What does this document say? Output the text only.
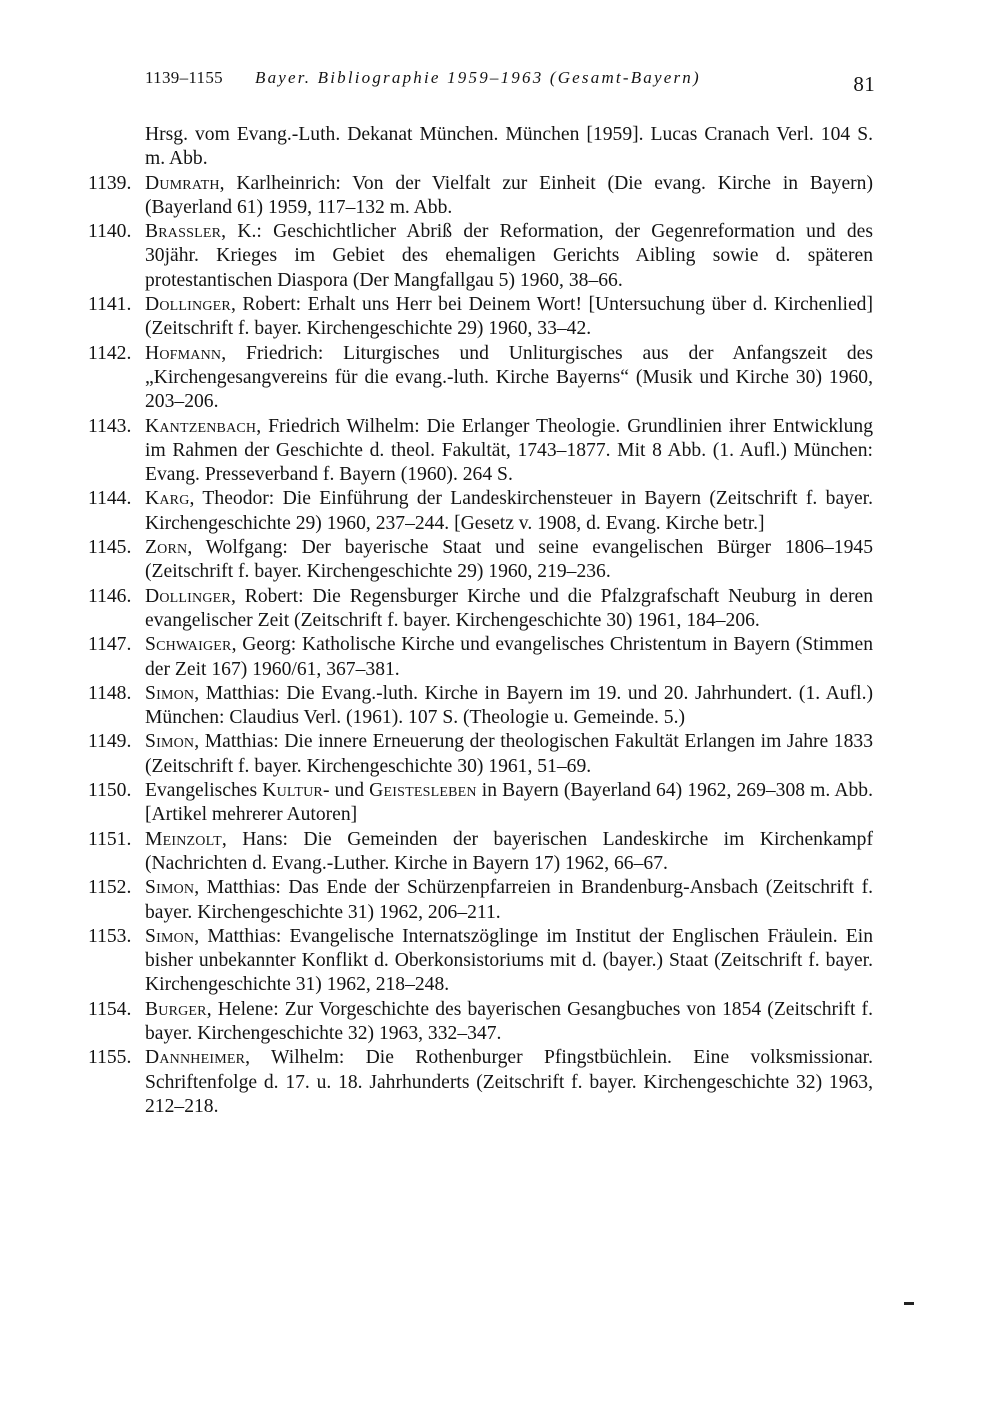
1139–1155 Bayer. Bibliographie 1959–1963 (Gesamt-Bayern)	81
Hrsg. vom Evang.-Luth. Dekanat München. München [1959]. Lucas Cranach Verl. 104 S. m. Abb.
1139. Dumrath, Karlheinrich: Von der Vielfalt zur Einheit (Die evang. Kirche in Bayern) (Bayerland 61) 1959, 117–132 m. Abb.
1140. Brassler, K.: Geschichtlicher Abriß der Reformation, der Gegenreformation und des 30jähr. Krieges im Gebiet des ehemaligen Gerichts Aibling sowie d. späteren protestantischen Diaspora (Der Mangfallgau 5) 1960, 38–66.
1141. Dollinger, Robert: Erhalt uns Herr bei Deinem Wort! [Untersuchung über d. Kirchenlied] (Zeitschrift f. bayer. Kirchengeschichte 29) 1960, 33–42.
1142. Hofmann, Friedrich: Liturgisches und Unliturgisches aus der Anfangszeit des „Kirchengesangvereins für die evang.-luth. Kirche Bayerns“ (Musik und Kirche 30) 1960, 203–206.
1143. Kantzenbach, Friedrich Wilhelm: Die Erlanger Theologie. Grundlinien ihrer Entwicklung im Rahmen der Geschichte d. theol. Fakultät, 1743–1877. Mit 8 Abb. (1. Aufl.) München: Evang. Presseverband f. Bayern (1960). 264 S.
1144. Karg, Theodor: Die Einführung der Landeskirchensteuer in Bayern (Zeitschrift f. bayer. Kirchengeschichte 29) 1960, 237–244. [Gesetz v. 1908, d. Evang. Kirche betr.]
1145. Zorn, Wolfgang: Der bayerische Staat und seine evangelischen Bürger 1806–1945 (Zeitschrift f. bayer. Kirchengeschichte 29) 1960, 219–236.
1146. Dollinger, Robert: Die Regensburger Kirche und die Pfalzgrafschaft Neuburg in deren evangelischer Zeit (Zeitschrift f. bayer. Kirchengeschichte 30) 1961, 184–206.
1147. Schwaiger, Georg: Katholische Kirche und evangelisches Christentum in Bayern (Stimmen der Zeit 167) 1960/61, 367–381.
1148. Simon, Matthias: Die Evang.-luth. Kirche in Bayern im 19. und 20. Jahrhundert. (1. Aufl.) München: Claudius Verl. (1961). 107 S. (Theologie u. Gemeinde. 5.)
1149. Simon, Matthias: Die innere Erneuerung der theologischen Fakultät Erlangen im Jahre 1833 (Zeitschrift f. bayer. Kirchengeschichte 30) 1961, 51–69.
1150. Evangelisches Kultur- und Geistesleben in Bayern (Bayerland 64) 1962, 269–308 m. Abb. [Artikel mehrerer Autoren]
1151. Meinzolt, Hans: Die Gemeinden der bayerischen Landeskirche im Kirchenkampf (Nachrichten d. Evang.-Luther. Kirche in Bayern 17) 1962, 66–67.
1152. Simon, Matthias: Das Ende der Schürzenpfarreien in Brandenburg-Ansbach (Zeitschrift f. bayer. Kirchengeschichte 31) 1962, 206–211.
1153. Simon, Matthias: Evangelische Internatszöglinge im Institut der Englischen Fräulein. Ein bisher unbekannter Konflikt d. Oberkonsistoriums mit d. (bayer.) Staat (Zeitschrift f. bayer. Kirchengeschichte 31) 1962, 218–248.
1154. Burger, Helene: Zur Vorgeschichte des bayerischen Gesangbuches von 1854 (Zeitschrift f. bayer. Kirchengeschichte 32) 1963, 332–347.
1155. Dannheimer, Wilhelm: Die Rothenburger Pfingstbüchlein. Eine volksmissionar. Schriftenfolge d. 17. u. 18. Jahrhunderts (Zeitschrift f. bayer. Kirchengeschichte 32) 1963, 212–218.
